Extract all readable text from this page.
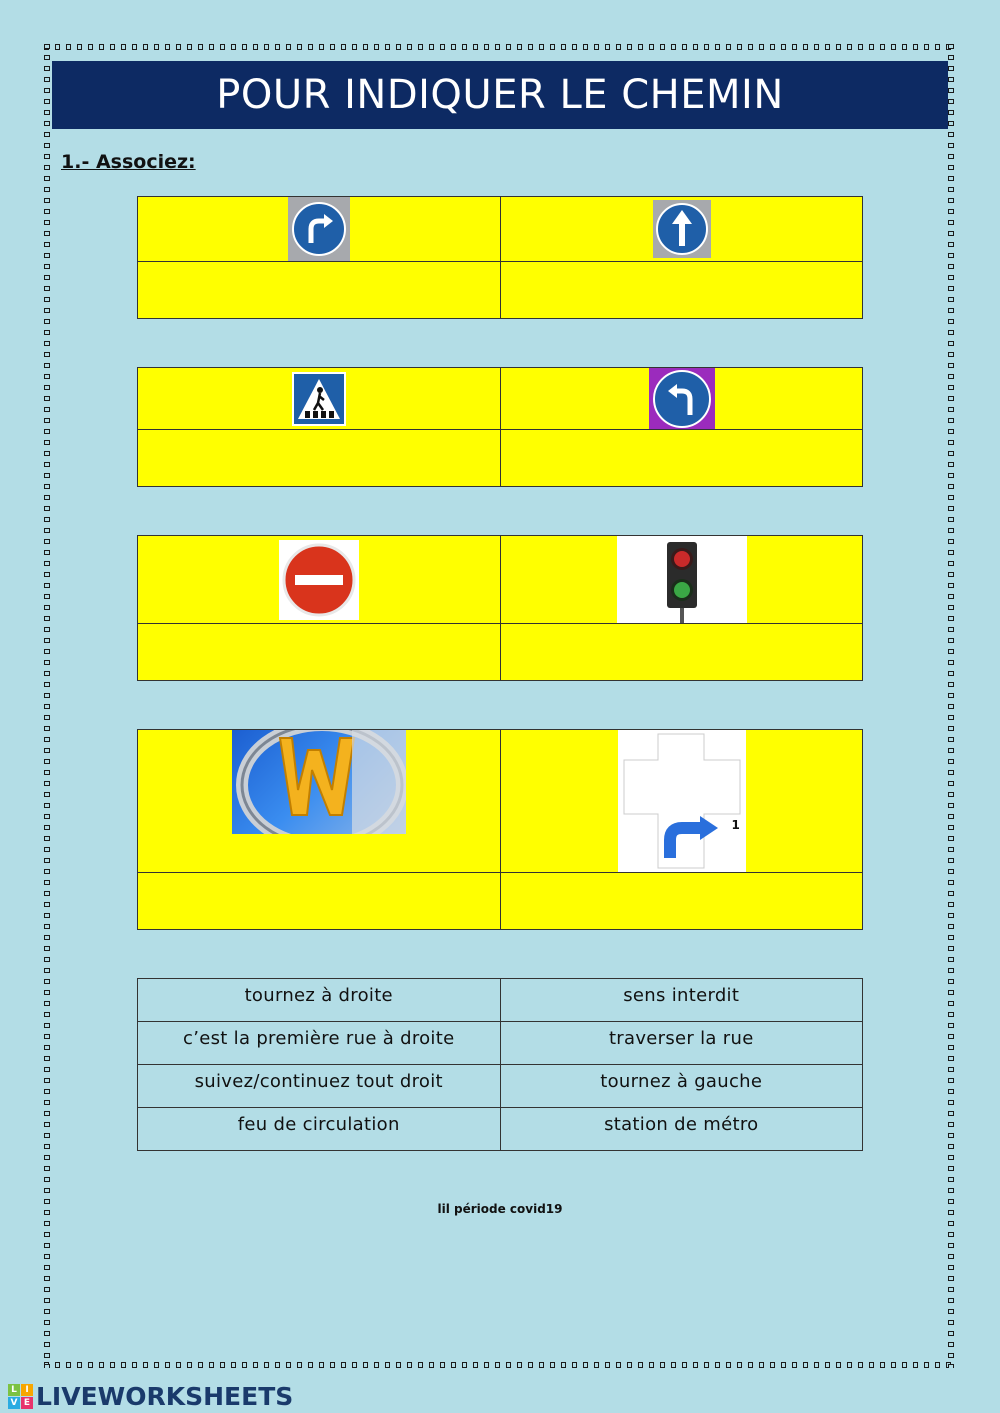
POUR INDIQUER LE CHEMIN
1.- Associez:
1
tournez à droite	sens interdit
c’est la première rue à droite	traverser la rue
suivez/continuez tout droit	tournez à gauche
feu de circulation	station de métro
lil période covid19
L I
V E LIVEWORKSHEETS
